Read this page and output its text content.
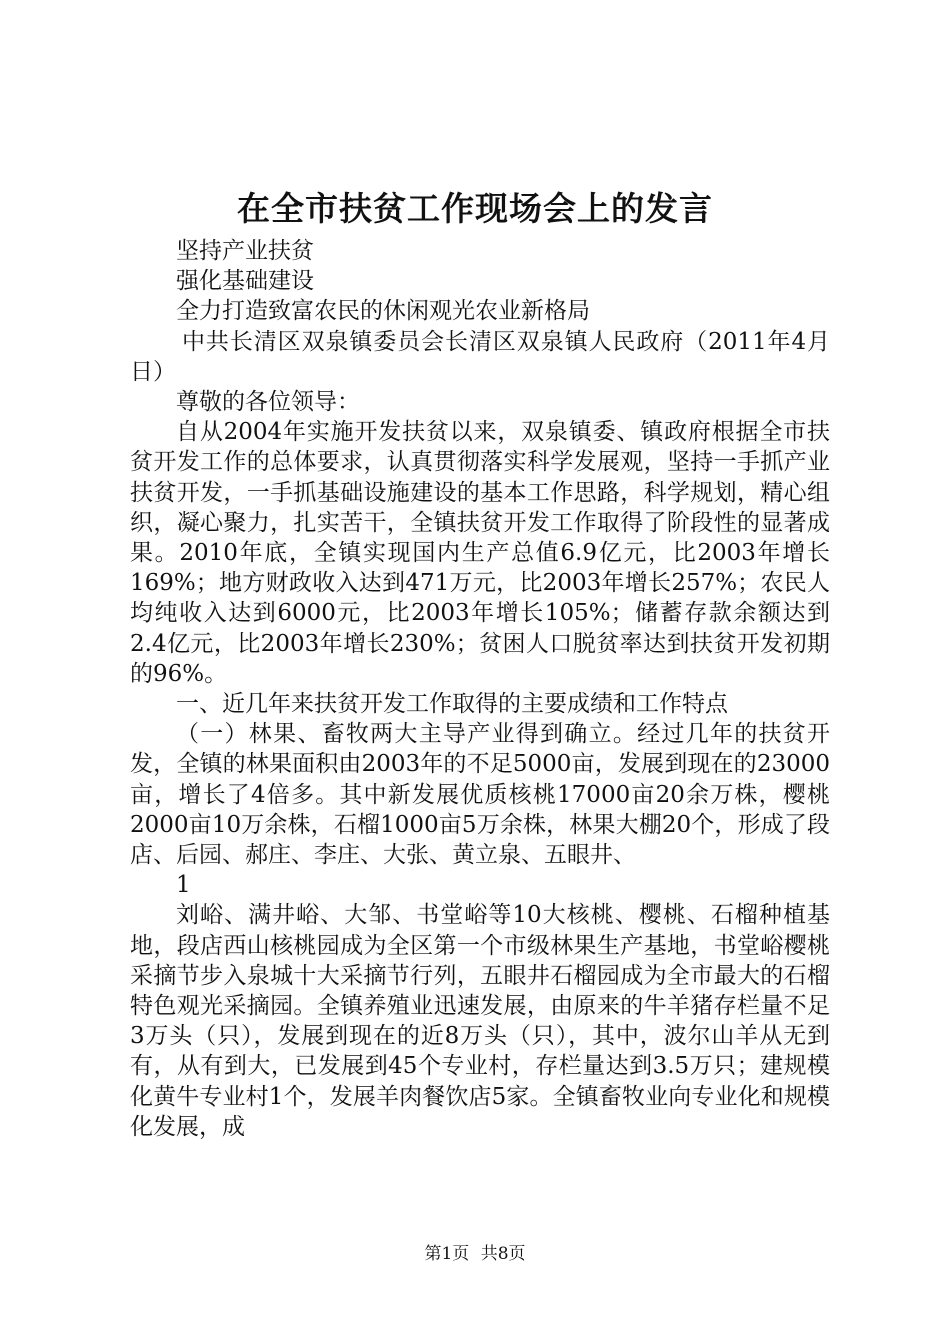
在全市扶贫工作现场会上的发言

坚持产业扶贫

强化基础建设

全力打造致富农民的休闲观光农业新格局

中共长清区双泉镇委员会长清区双泉镇人民政府（2011年4月日）

尊敬的各位领导：

自从2004年实施开发扶贫以来，双泉镇委、镇政府根据全市扶贫开发工作的总体要求，认真贯彻落实科学发展观，坚持一手抓产业扶贫开发，一手抓基础设施建设的基本工作思路，科学规划，精心组织，凝心聚力，扎实苦干，全镇扶贫开发工作取得了阶段性的显著成果。2010年底，全镇实现国内生产总值6.9亿元，比2003年增长169%；地方财政收入达到471万元，比2003年增长257%；农民人均纯收入达到6000元，比2003年增长105%；储蓄存款余额达到2.4亿元，比2003年增长230%；贫困人口脱贫率达到扶贫开发初期的96%。

一、近几年来扶贫开发工作取得的主要成绩和工作特点

（一）林果、畜牧两大主导产业得到确立。经过几年的扶贫开发，全镇的林果面积由2003年的不足5000亩，发展到现在的23000亩，增长了4倍多。其中新发展优质核桃17000亩20余万株，樱桃2000亩10万余株，石榴1000亩5万余株，林果大棚20个，形成了段店、后园、郝庄、李庄、大张、黄立泉、五眼井、

1

刘峪、满井峪、大邹、书堂峪等10大核桃、樱桃、石榴种植基地，段店西山核桃园成为全区第一个市级林果生产基地，书堂峪樱桃采摘节步入泉城十大采摘节行列，五眼井石榴园成为全市最大的石榴特色观光采摘园。全镇养殖业迅速发展，由原来的牛羊猪存栏量不足3万头（只），发展到现在的近8万头（只），其中，波尔山羊从无到有，从有到大，已发展到45个专业村，存栏量达到3.5万只；建规模化黄牛专业村1个，发展羊肉餐饮店5家。全镇畜牧业向专业化和规模化发展，成

第1页 共8页
